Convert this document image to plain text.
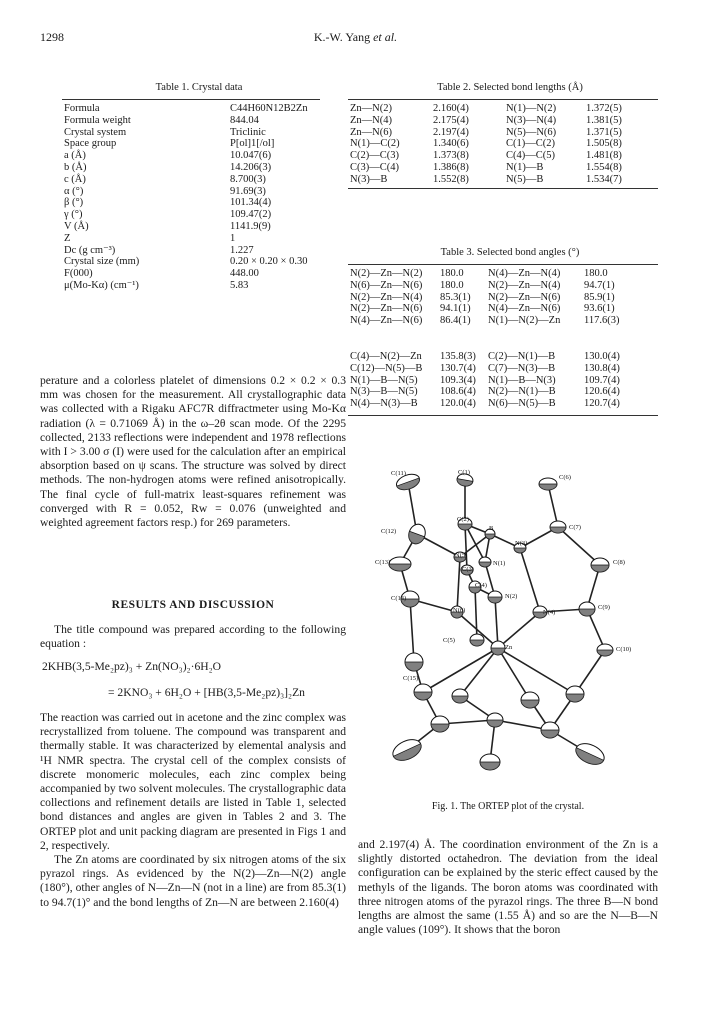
1298	K.-W. Yang et al.
Table 1. Crystal data
Formula	C44H60N12B2Zn
Formula weight	844.04
Crystal system	Triclinic
Space group	P[ol]1[/ol]
a (Å)	10.047(6)
b (Å)	14.206(3)
c (Å)	8.700(3)
α (°)	91.69(3)
β (°)	101.34(4)
γ (°)	109.47(2)
V (Å)	1141.9(9)
Z	1
Dc (g cm⁻³)	1.227
Crystal size (mm)	0.20 × 0.20 × 0.30
F(000)	448.00
μ(Mo-Kα) (cm⁻¹)	5.83
Table 2. Selected bond lengths (Å)
Zn—N(2)	2.160(4)	N(1)—N(2)	1.372(5)
Zn—N(4)	2.175(4)	N(3)—N(4)	1.381(5)
Zn—N(6)	2.197(4)	N(5)—N(6)	1.371(5)
N(1)—C(2)	1.340(6)	C(1)—C(2)	1.505(8)
C(2)—C(3)	1.373(8)	C(4)—C(5)	1.481(8)
C(3)—C(4)	1.386(8)	N(1)—B	1.554(8)
N(3)—B	1.552(8)	N(5)—B	1.534(7)
Table 3. Selected bond angles (°)
N(2)—Zn—N(2)	180.0	N(4)—Zn—N(4)	180.0
N(6)—Zn—N(6)	180.0	N(2)—Zn—N(4)	94.7(1)
N(2)—Zn—N(4)	85.3(1)	N(2)—Zn—N(6)	85.9(1)
N(2)—Zn—N(6)	94.1(1)	N(4)—Zn—N(6)	93.6(1)
N(4)—Zn—N(6)	86.4(1)	N(1)—N(2)—Zn	117.6(3)
C(4)—N(2)—Zn	135.8(3)	C(2)—N(1)—B	130.0(4)
C(12)—N(5)—B	130.7(4)	C(7)—N(3)—B	130.8(4)
N(1)—B—N(5)	109.3(4)	N(1)—B—N(3)	109.7(4)
N(3)—B—N(5)	108.6(4)	N(2)—N(1)—B	120.6(4)
N(4)—N(3)—B	120.0(4)	N(6)—N(5)—B	120.7(4)

perature and a colorless platelet of dimensions 0.2 × 0.2 × 0.3 mm was chosen for the measurement. All crystallographic data was collected with a Rigaku AFC7R diffractmeter using Mo-Kα radiation (λ = 0.71069 Å) in the ω–2θ scan mode. Of the 2295 collected, 2133 reflections were independent and 1978 reflections with I > 3.00 σ (I) were used for the calculation after an empirical absorption based on ψ scans. The structure was solved by direct methods. The non-hydrogen atoms were refined anisotropically. The final cycle of full-matrix least-squares refinement was converged with R = 0.052, Rw = 0.076 (unweighted and weighted agreement factors resp.) for 269 parameters.

RESULTS AND DISCUSSION

The title compound was prepared according to the following equation :

2KHB(3,5-Me₂pz)₃ + Zn(NO₃)₂·6H₂O
= 2KNO₃ + 6H₂O + [HB(3,5-Me₂pz)₃]₂Zn

The reaction was carried out in acetone and the zinc complex was recrystallized from toluene. The compound was transparent and thermally stable. It was characterized by elemental analysis and ¹H NMR spectra. The crystal cell of the complex consists of discrete monomeric molecules, each zinc complex being accompanied by two solvent molecules. The crystallographic data collections and refinement details are listed in Table 1, selected bond distances and angles are given in Tables 2 and 3. The ORTEP plot and unit packing diagram are presented in Figs 1 and 2, respectively.

The Zn atoms are coordinated by six nitrogen atoms of the six pyrazol rings. As evidenced by the N(2)—Zn—N(2) angle (180°), other angles of N—Zn—N (not in a line) are from 85.3(1) to 94.7(1)° and the bond lengths of Zn—N are between 2.160(4)

and 2.197(4) Å. The coordination environment of the Zn is a slightly distorted octahedron. The deviation from the ideal configuration can be explained by the steric effect caused by the methyls of the ligands. The boron atoms was coordinated with three nitrogen atoms of the pyrazol rings. The three B—N bond lengths are almost the same (1.55 Å) and so are the N—B—N angle values (109°). It shows that the boron

C(11)	C(1)
C(6)
C(2)
B
C(12)
C(7)
N(3)
N(5)
C(13)
C(3)
N(1)	C(8)
C(4)
C(14)	N(2)
C(9)
N(6)	N(4)
C(5)
Zn	C(10)
C(15)
Fig. 1. The ORTEP plot of the crystal.
